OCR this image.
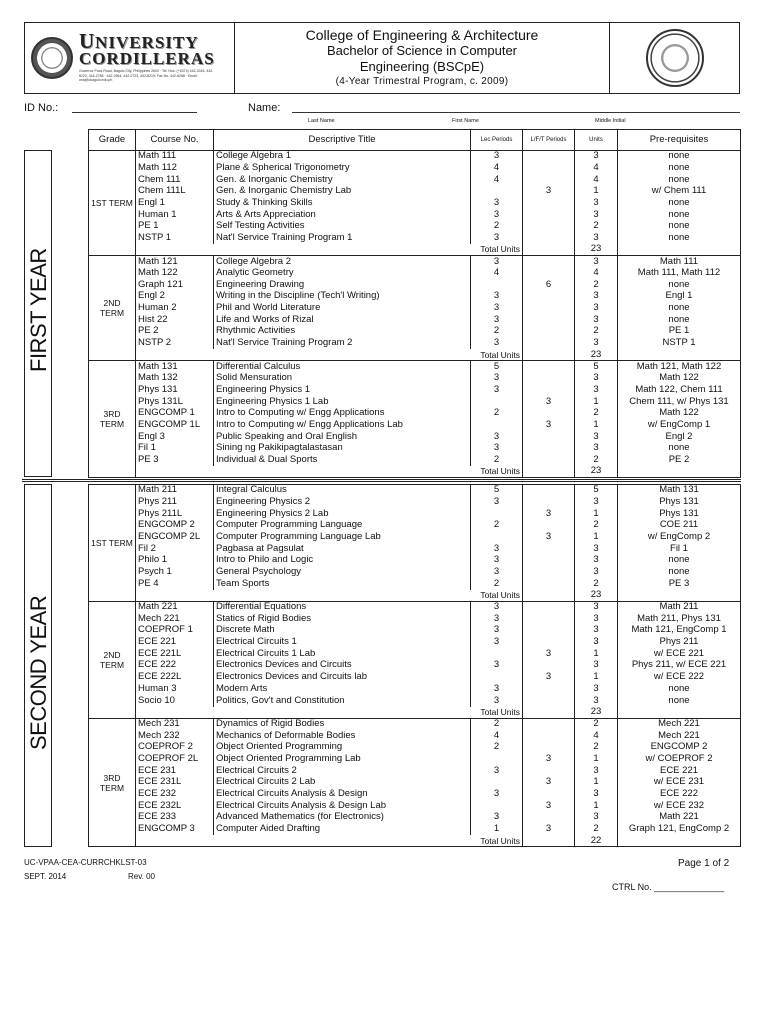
UNIVERSITY
CORDILLERAS
Governor Pack Road, Baguio City, Philippines 2600 · Tel. Nos. (+6374) 442-3316, 442-8220, 444-2786 · 442-2564, 442-0723, 442-8219; Fax No. 442-6268 · Email: cea@ubaguio.edu.ph
College of Engineering & Architecture
Bachelor of Science in Computer
Engineering (BSCpE)
(4-Year Trimestral Program, c. 2009)
ID No.:	Name:
Last Name	First Name	Middle Initial
FIRST YEAR
SECOND YEAR
Grade	Course No.	Descriptive Title	Lec Periods	L/F/T Periods	Units	Pre-requisites
1ST TERM	Math 111	College Algebra 1	3		3	none
	Math 112	Plane & Spherical Trigonometry	4		4	none
	Chem 111	Gen. & Inorganic Chemistry	4		4	none
	Chem 111L	Gen. & Inorganic Chemistry Lab		3	1	w/ Chem 111
	Engl 1	Study & Thinking Skills	3		3	none
	Human 1	Arts & Arts Appreciation	3		3	none
	PE 1	Self Testing Activities	2		2	none
	NSTP 1	Nat'l Service Training Program 1	3		3	none
	Total Units				23	
2ND TERM	Math 121	College Algebra 2	3		3	Math 111
	Math 122	Analytic Geometry	4		4	Math 111, Math 112
	Graph 121	Engineering Drawing		6	2	none
	Engl 2	Writing in the Discipline (Tech'l Writing)	3		3	Engl 1
	Human 2	Phil and World Literature	3		3	none
	Hist 22	Life and Works of Rizal	3		3	none
	PE 2	Rhythmic Activities	2		2	PE 1
	NSTP 2	Nat'l Service Training Program 2	3		3	NSTP 1
	Total Units				23	
3RD TERM	Math 131	Differential Calculus	5		5	Math 121, Math 122
	Math 132	Solid Mensuration	3		3	Math 122
	Phys 131	Engineering Physics 1	3		3	Math 122, Chem 111
	Phys 131L	Engineering Physics 1 Lab		3	1	Chem 111, w/ Phys 131
	ENGCOMP 1	Intro to Computing w/ Engg Applications	2		2	Math 122
	ENGCOMP 1L	Intro to Computing w/ Engg Applications Lab		3	1	w/ EngComp 1
	Engl 3	Public Speaking and Oral English	3		3	Engl 2
	Fil 1	Sining ng Pakikipagtalastasan	3		3	none
	PE 3	Individual & Dual Sports	2		2	PE 2
	Total Units				23	
1ST TERM	Math 211	Integral Calculus	5		5	Math 131
	Phys 211	Engineering Physics 2	3		3	Phys 131
	Phys 211L	Engineering Physics 2 Lab		3	1	Phys 131
	ENGCOMP 2	Computer Programming Language	2		2	COE 211
	ENGCOMP 2L	Computer Programming Language Lab		3	1	w/ EngComp 2
	Fil 2	Pagbasa at Pagsulat	3		3	Fil 1
	Philo 1	Intro to Philo and Logic	3		3	none
	Psych 1	General Psychology	3		3	none
	PE 4	Team Sports	2		2	PE 3
	Total Units				23	
2ND TERM	Math 221	Differential Equations	3		3	Math 211
	Mech 221	Statics of Rigid Bodies	3		3	Math 211, Phys 131
	COEPROF 1	Discrete Math	3		3	Math 121, EngComp 1
	ECE 221	Electrical Circuits 1	3		3	Phys 211
	ECE 221L	Electrical Circuits 1 Lab		3	1	w/ ECE 221
	ECE 222	Electronics Devices and Circuits	3		3	Phys 211, w/ ECE 221
	ECE 222L	Electronics Devices and Circuits lab		3	1	w/ ECE 222
	Human 3	Modern Arts	3		3	none
	Socio 10	Politics, Gov't and Constitution	3		3	none
	Total Units				23	
3RD TERM	Mech 231	Dynamics of Rigid Bodies	2		2	Mech 221
	Mech 232	Mechanics of Deformable Bodies	4		4	Mech 221
	COEPROF 2	Object Oriented Programming	2		2	ENGCOMP 2
	COEPROF 2L	Object Oriented Programming Lab		3	1	w/ COEPROF 2
	ECE 231	Electrical Circuits 2	3		3	ECE 221
	ECE 231L	Electrical Circuits 2 Lab		3	1	w/ ECE 231
	ECE 232	Electrical Circuits Analysis & Design	3		3	ECE 222
	ECE 232L	Electrical Circuits Analysis & Design Lab		3	1	w/ ECE 232
	ECE 233	Advanced Mathematics (for Electronics)	3		3	Math 221
	ENGCOMP 3	Computer Aided Drafting	1	3	2	Graph 121, EngComp 2
	Total Units				22	
UC-VPAA-CEA-CURRCHKLST-03
SEPT. 2014	Rev. 00
Page 1 of 2
CTRL No. ______________
